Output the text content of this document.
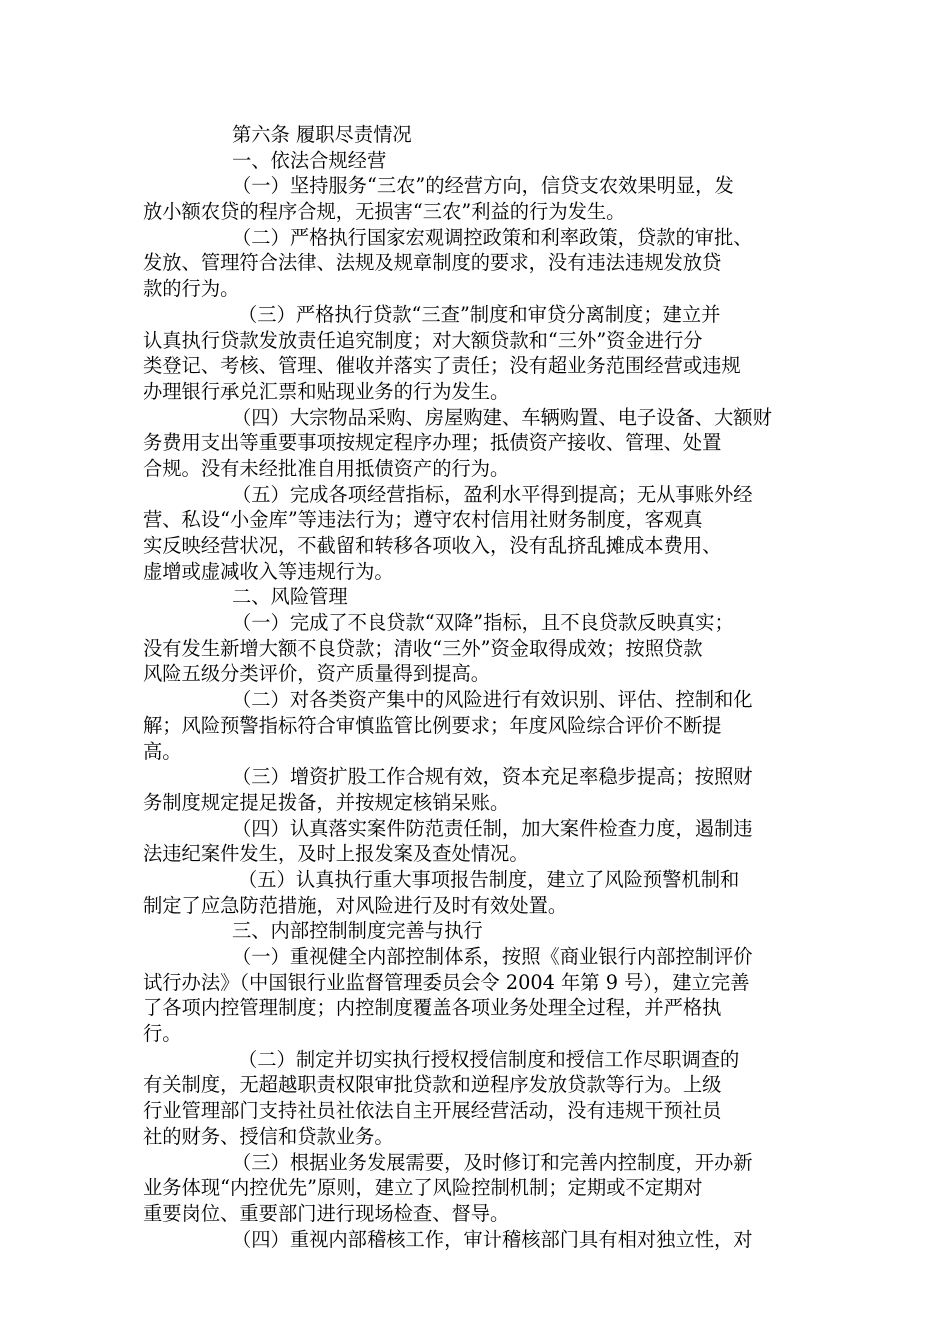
第六条 履职尽责情况
一、依法合规经营
（一）坚持服务“三农”的经营方向，信贷支农效果明显，发
放小额农贷的程序合规，无损害“三农”利益的行为发生。
（二）严格执行国家宏观调控政策和利率政策，贷款的审批、
发放、管理符合法律、法规及规章制度的要求，没有违法违规发放贷
款的行为。
（三）严格执行贷款“三查”制度和审贷分离制度；建立并
认真执行贷款发放责任追究制度；对大额贷款和“三外”资金进行分
类登记、考核、管理、催收并落实了责任；没有超业务范围经营或违规
办理银行承兑汇票和贴现业务的行为发生。
（四）大宗物品采购、房屋购建、车辆购置、电子设备、大额财
务费用支出等重要事项按规定程序办理；抵债资产接收、管理、处置
合规。没有未经批准自用抵债资产的行为。
（五）完成各项经营指标，盈利水平得到提高；无从事账外经
营、私设“小金库”等违法行为；遵守农村信用社财务制度，客观真
实反映经营状况，不截留和转移各项收入，没有乱挤乱摊成本费用、
虚增或虚减收入等违规行为。
二、风险管理
（一）完成了不良贷款“双降”指标，且不良贷款反映真实；
没有发生新增大额不良贷款；清收“三外”资金取得成效；按照贷款
风险五级分类评价，资产质量得到提高。
（二）对各类资产集中的风险进行有效识别、评估、控制和化
解；风险预警指标符合审慎监管比例要求；年度风险综合评价不断提
高。
（三）增资扩股工作合规有效，资本充足率稳步提高；按照财
务制度规定提足拨备，并按规定核销呆账。
（四）认真落实案件防范责任制，加大案件检查力度，遏制违
法违纪案件发生，及时上报发案及查处情况。
（五）认真执行重大事项报告制度，建立了风险预警机制和
制定了应急防范措施，对风险进行及时有效处置。
三、内部控制制度完善与执行
（一）重视健全内部控制体系，按照《商业银行内部控制评价
试行办法》（中国银行业监督管理委员会令 2004 年第 9 号），建立完善
了各项内控管理制度；内控制度覆盖各项业务处理全过程，并严格执
行。
（二）制定并切实执行授权授信制度和授信工作尽职调查的
有关制度，无超越职责权限审批贷款和逆程序发放贷款等行为。上级
行业管理部门支持社员社依法自主开展经营活动，没有违规干预社员
社的财务、授信和贷款业务。
（三）根据业务发展需要，及时修订和完善内控制度，开办新
业务体现“内控优先”原则，建立了风险控制机制；定期或不定期对
重要岗位、重要部门进行现场检查、督导。
（四）重视内部稽核工作，审计稽核部门具有相对独立性，对
